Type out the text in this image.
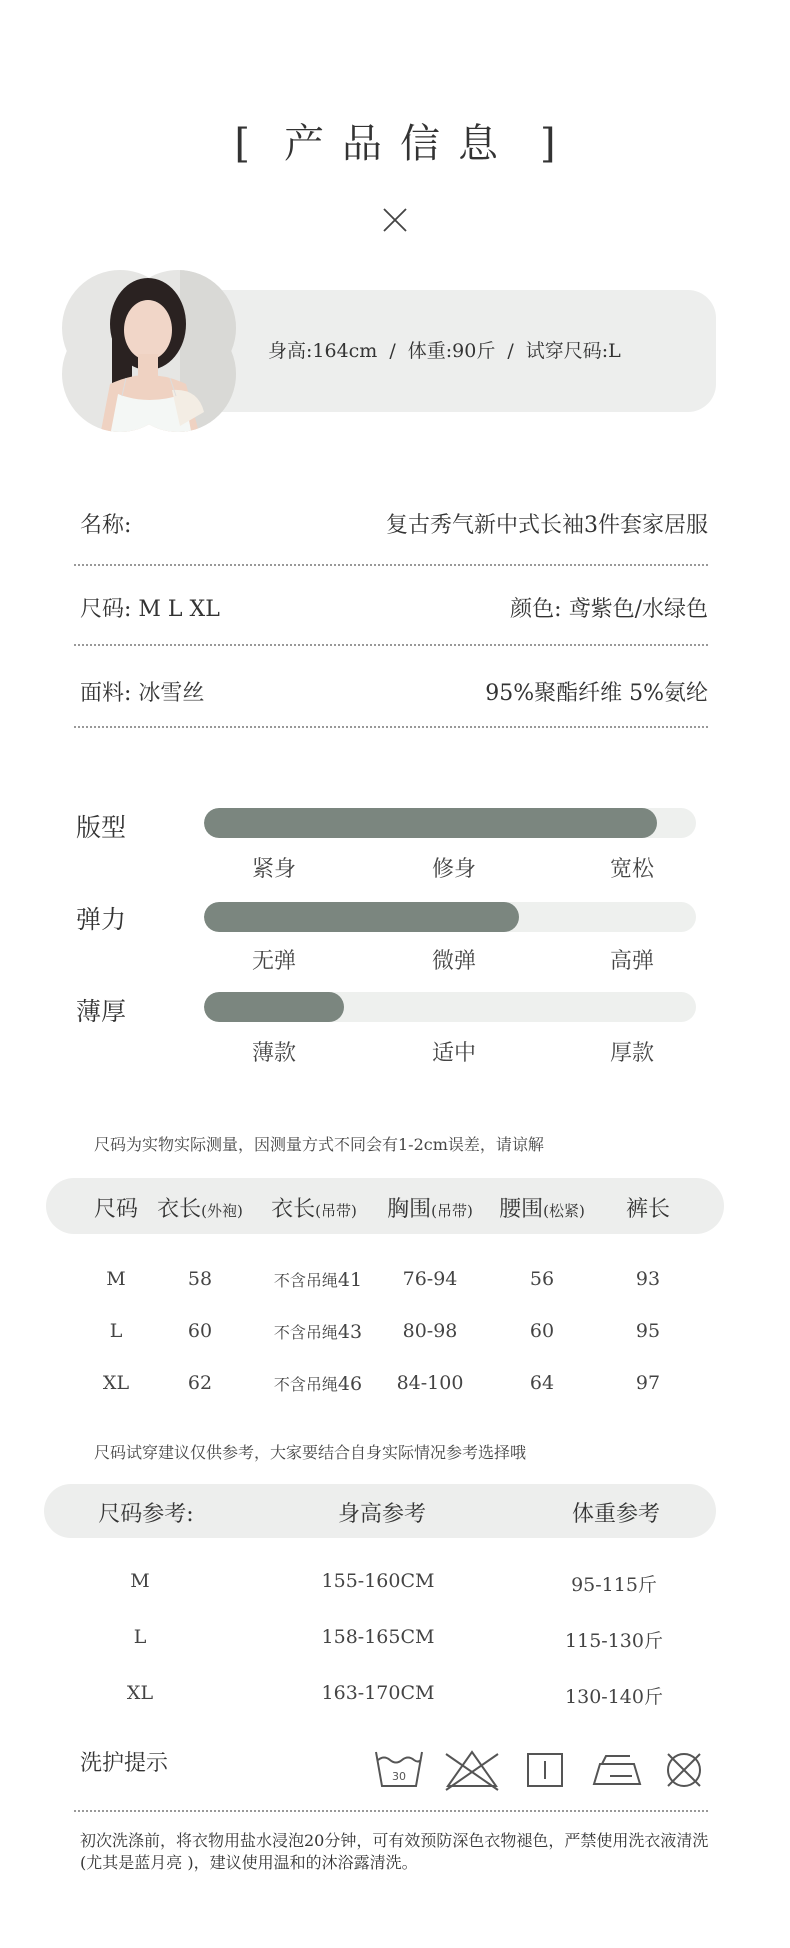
[ 产品信息 ]
身高:164cm / 体重:90斤 / 试穿尺码:L
名称:	复古秀气新中式长袖3件套家居服
尺码: M L XL	颜色: 鸢紫色/水绿色
面料: 冰雪丝	95%聚酯纤维 5%氨纶
版型
紧身	修身	宽松
弹力
无弹	微弹	高弹
薄厚
薄款	适中	厚款
尺码为实物实际测量，因测量方式不同会有1-2cm误差，请谅解
尺码 衣长(外袍) 衣长(吊带) 胸围(吊带) 腰围(松紧) 裤长
M	58	不含吊绳41 76-94	56	93
L	60	不含吊绳43 80-98	60	95
XL	62	不含吊绳46 84-100	64	97
尺码试穿建议仅供参考，大家要结合自身实际情况参考选择哦
尺码参考:	身高参考	体重参考
M	155-160CM	95-115斤
L	158-165CM	115-130斤
XL	163-170CM	130-140斤
洗护提示
30
初次洗涤前，将衣物用盐水浸泡20分钟，可有效预防深色衣物褪色，严禁使用洗衣液清洗(尤其是蓝月亮 )，建议使用温和的沐浴露清洗。
